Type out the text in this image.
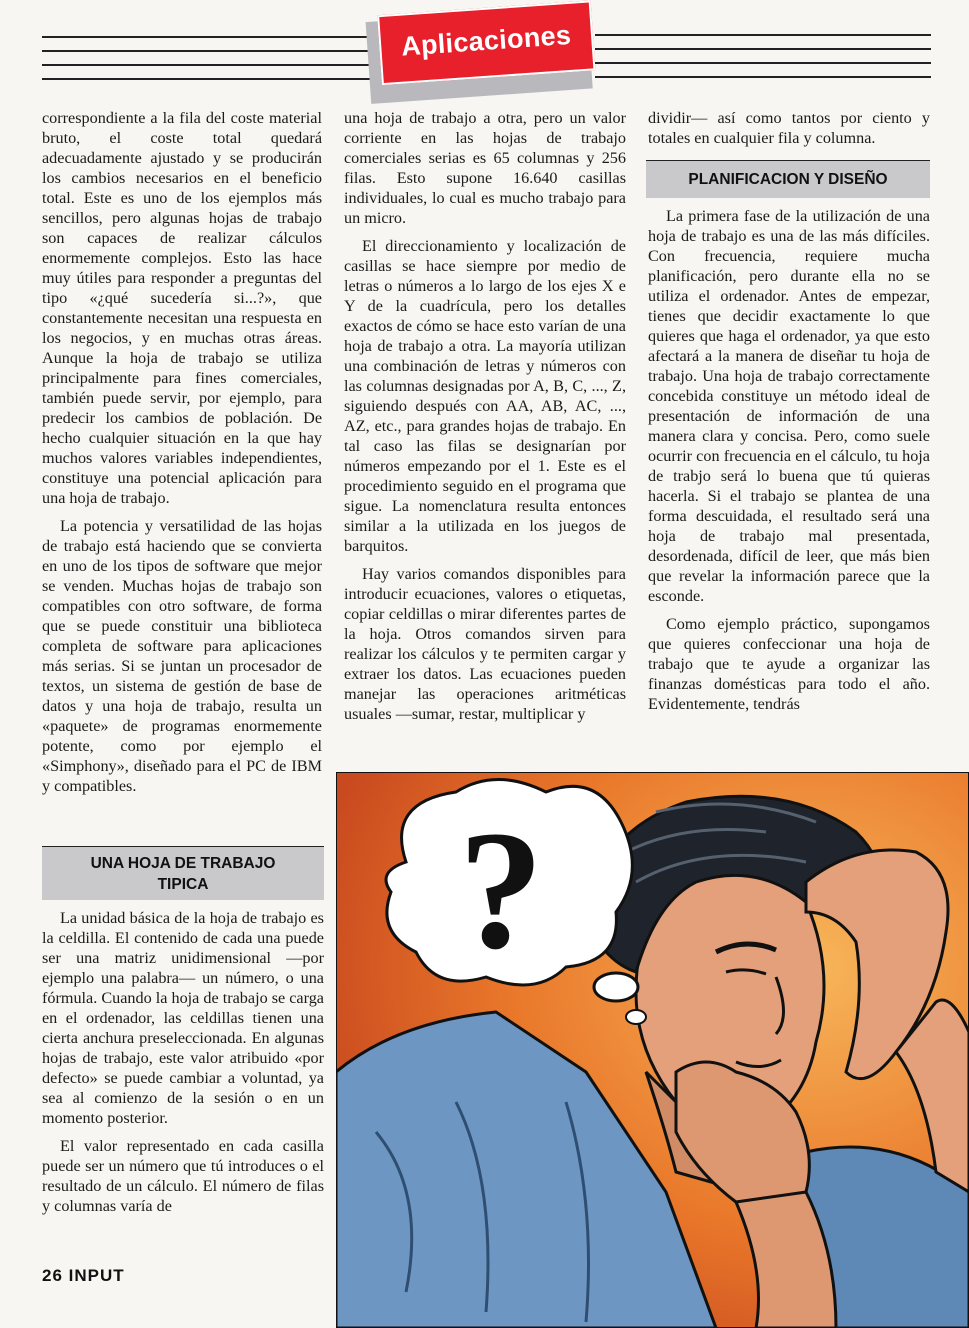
Aplicaciones

correspondiente a la fila del coste material bruto, el coste total quedará adecuadamente ajustado y se producirán los cambios necesarios en el beneficio total. Este es uno de los ejemplos más sencillos, pero algunas hojas de trabajo son capaces de realizar cálculos enormemente complejos. Esto las hace muy útiles para responder a preguntas del tipo «¿qué sucedería si...?», que constantemente necesitan una respuesta en los negocios, y en muchas otras áreas. Aunque la hoja de trabajo se utiliza principalmente para fines comerciales, también puede servir, por ejemplo, para predecir los cambios de población. De hecho cualquier situación en la que hay muchos valores variables independientes, constituye una potencial aplicación para una hoja de trabajo.

La potencia y versatilidad de las hojas de trabajo está haciendo que se convierta en uno de los tipos de software que mejor se venden. Muchas hojas de trabajo son compatibles con otro software, de forma que se puede constituir una biblioteca completa de software para aplicaciones más serias. Si se juntan un procesador de textos, un sistema de gestión de base de datos y una hoja de trabajo, resulta un «paquete» de programas enormemente potente, como por ejemplo el «Simphony», diseñado para el PC de IBM y compatibles.

UNA HOJA DE TRABAJO TIPICA

La unidad básica de la hoja de trabajo es la celdilla. El contenido de cada una puede ser una matriz unidimensional —por ejemplo una palabra— un número, o una fórmula. Cuando la hoja de trabajo se carga en el ordenador, las celdillas tienen una cierta anchura preseleccionada. En algunas hojas de trabajo, este valor atribuido «por defecto» se puede cambiar a voluntad, ya sea al comienzo de la sesión o en un momento posterior.

El valor representado en cada casilla puede ser un número que tú introduces o el resultado de un cálculo. El número de filas y columnas varía de

una hoja de trabajo a otra, pero un valor corriente en las hojas de trabajo comerciales serias es 65 columnas y 256 filas. Esto supone 16.640 casillas individuales, lo cual es mucho trabajo para un micro.

El direccionamiento y localización de casillas se hace siempre por medio de letras o números a lo largo de los ejes X e Y de la cuadrícula, pero los detalles exactos de cómo se hace esto varían de una hoja de trabajo a otra. La mayoría utilizan una combinación de letras y números con las columnas designadas por A, B, C, ..., Z, siguiendo después con AA, AB, AC, ..., AZ, etc., para grandes hojas de trabajo. En tal caso las filas se designarían por números empezando por el 1. Este es el procedimiento seguido en el programa que sigue. La nomenclatura resulta entonces similar a la utilizada en los juegos de barquitos.

Hay varios comandos disponibles para introducir ecuaciones, valores o etiquetas, copiar celdillas o mirar diferentes partes de la hoja. Otros comandos sirven para realizar los cálculos y te permiten cargar y extraer los datos. Las ecuaciones pueden manejar las operaciones aritméticas usuales —sumar, restar, multiplicar y

dividir— así como tantos por ciento y totales en cualquier fila y columna.

PLANIFICACION Y DISEÑO

La primera fase de la utilización de una hoja de trabajo es una de las más difíciles. Con frecuencia, requiere mucha planificación, pero durante ella no se utiliza el ordenador. Antes de empezar, tienes que decidir exactamente lo que quieres que haga el ordenador, ya que esto afectará a la manera de diseñar tu hoja de trabajo. Una hoja de trabajo correctamente concebida constituye un método ideal de presentación de información de una manera clara y concisa. Pero, como suele ocurrir con frecuencia en el cálculo, tu hoja de trabjo será lo buena que tú quieras hacerla. Si el trabajo se plantea de una forma descuidada, el resultado será una hoja de trabajo mal presentada, desordenada, difícil de leer, que más bien que revelar la información parece que la esconde.

Como ejemplo práctico, supongamos que quieres confeccionar una hoja de trabajo que te ayude a organizar las finanzas domésticas para todo el año. Evidentemente, tendrás

?
26 INPUT
